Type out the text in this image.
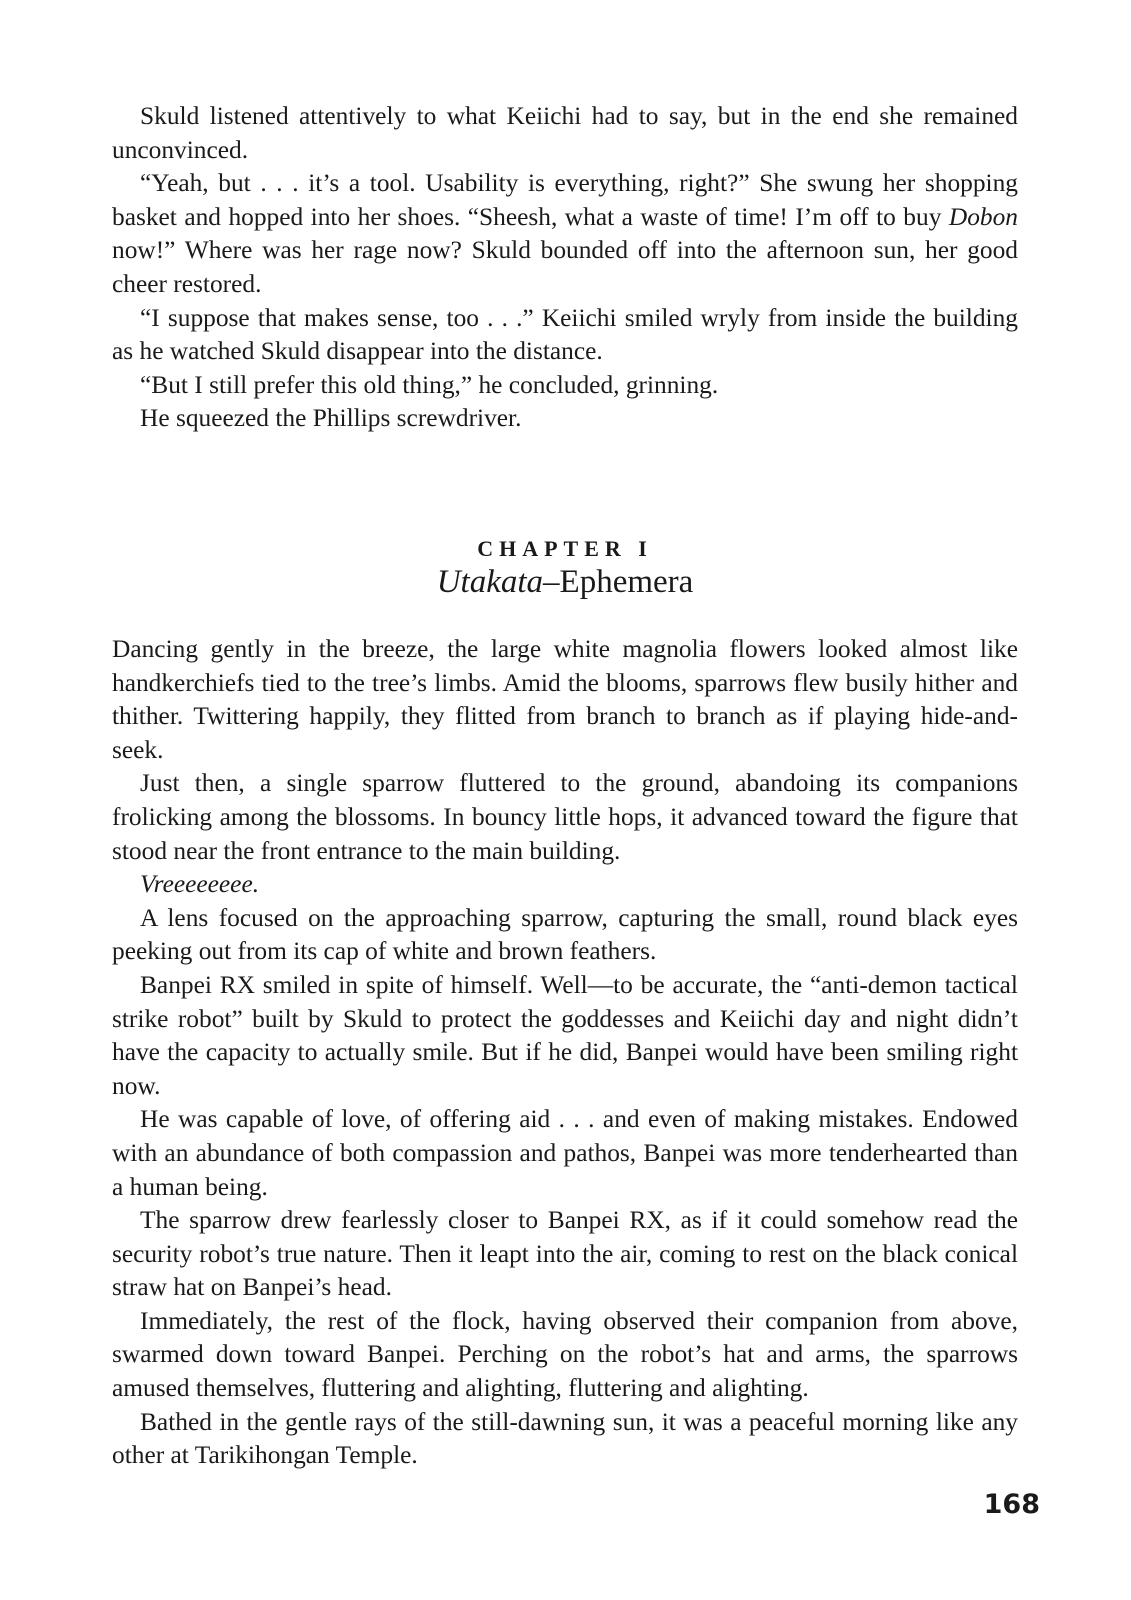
Skuld listened attentively to what Keiichi had to say, but in the end she remained unconvinced.

“Yeah, but . . . it’s a tool. Usability is everything, right?” She swung her shopping basket and hopped into her shoes. “Sheesh, what a waste of time! I’m off to buy Dobon now!” Where was her rage now? Skuld bounded off into the afternoon sun, her good cheer restored.

“I suppose that makes sense, too . . .” Keiichi smiled wryly from inside the building as he watched Skuld disappear into the distance.

“But I still prefer this old thing,” he concluded, grinning.

He squeezed the Phillips screwdriver.

CHAPTER I
Utakata–Ephemera

Dancing gently in the breeze, the large white magnolia flowers looked almost like handkerchiefs tied to the tree’s limbs. Amid the blooms, sparrows flew busily hither and thither. Twittering happily, they flitted from branch to branch as if playing hide-and-seek.

Just then, a single sparrow fluttered to the ground, abandoing its companions frolicking among the blossoms. In bouncy little hops, it advanced toward the figure that stood near the front entrance to the main building.

Vreeeeeeee.

A lens focused on the approaching sparrow, capturing the small, round black eyes peeking out from its cap of white and brown feathers.

Banpei RX smiled in spite of himself. Well—to be accurate, the “anti-demon tactical strike robot” built by Skuld to protect the goddesses and Keiichi day and night didn’t have the capacity to actually smile. But if he did, Banpei would have been smiling right now.

He was capable of love, of offering aid . . . and even of making mistakes. Endowed with an abundance of both compassion and pathos, Banpei was more tenderhearted than a human being.

The sparrow drew fearlessly closer to Banpei RX, as if it could somehow read the security robot’s true nature. Then it leapt into the air, coming to rest on the black conical straw hat on Banpei’s head.

Immediately, the rest of the flock, having observed their companion from above, swarmed down toward Banpei. Perching on the robot’s hat and arms, the sparrows amused themselves, fluttering and alighting, fluttering and alighting.

Bathed in the gentle rays of the still-dawning sun, it was a peaceful morning like any other at Tarikihongan Temple.

168
